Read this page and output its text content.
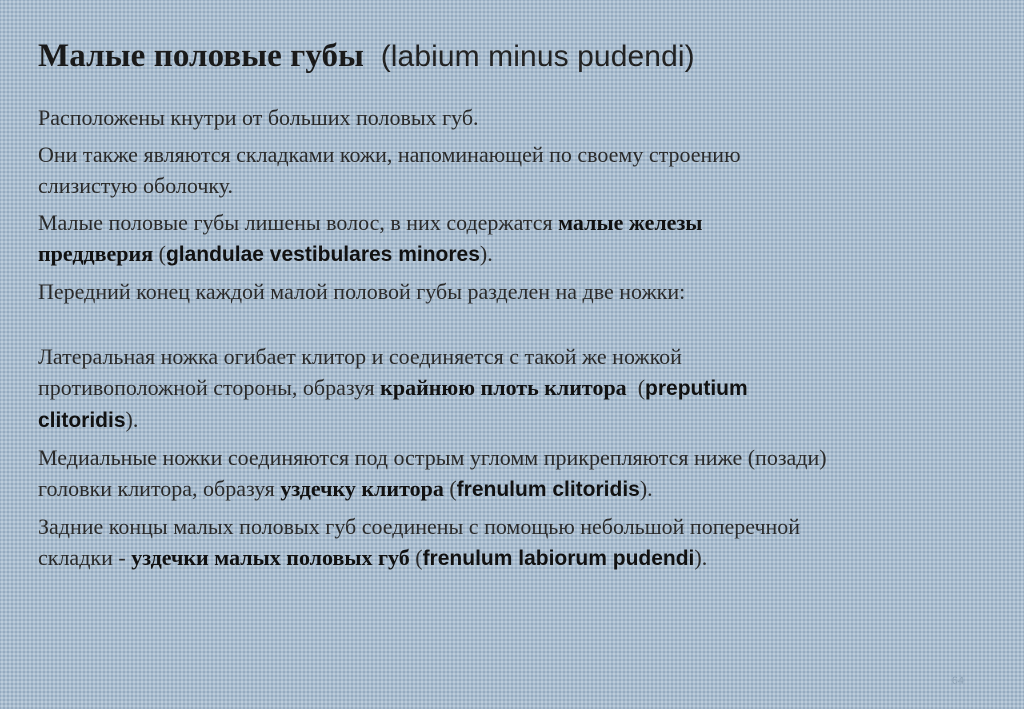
Малые половые губы (labium minus pudendi)

Расположены кнутри от больших половых губ.

Они также являются складками кожи, напоминающей по своему строению
слизистую оболочку.

Малые половые губы лишены волос, в них содержатся малые железы
преддверия (glandulae vestibulares minores).

Передний конец каждой малой половой губы разделен на две ножки:

Латеральная ножка огибает клитор и соединяется с такой же ножкой
противоположной стороны, образуя крайнюю плоть клитора  (preputium
clitoridis).

Медиальные ножки соединяются под острым угломм прикрепляются ниже (позади)
головки клитора, образуя уздечку клитора (frenulum clitoridis).

Задние концы малых половых губ соединены с помощью небольшой поперечной
складки - уздечки малых половых губ (frenulum labiorum pudendi).

64
